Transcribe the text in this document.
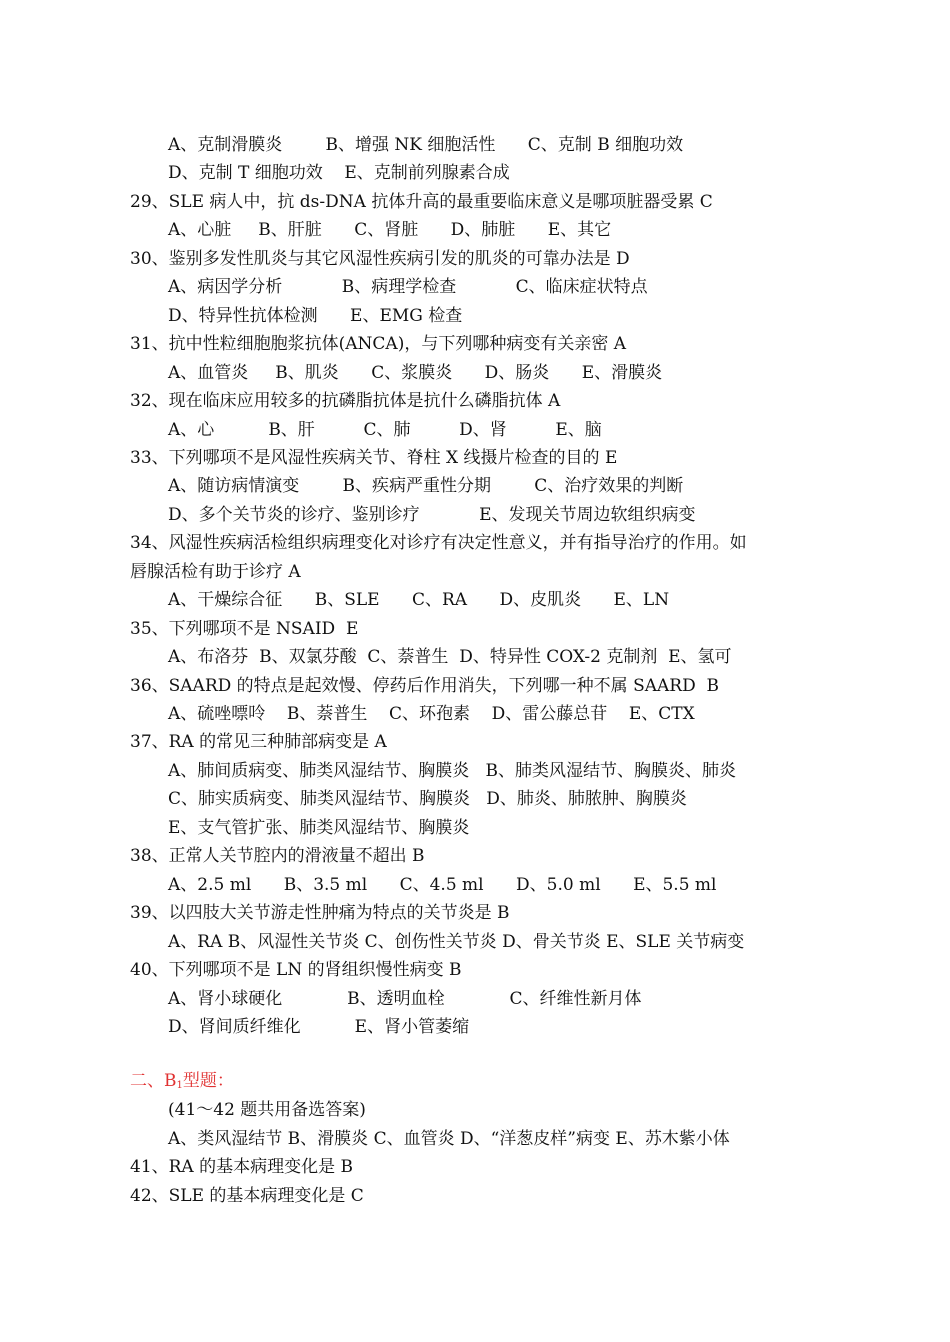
A、克制滑膜炎        B、增强 NK 细胞活性      C、克制 B 细胞功效
D、克制 T 细胞功效    E、克制前列腺素合成
29、SLE 病人中，抗 ds-DNA 抗体升高的最重要临床意义是哪项脏器受累 C
A、心脏     B、肝脏      C、肾脏      D、肺脏      E、其它
30、鉴别多发性肌炎与其它风湿性疾病引发的肌炎的可靠办法是 D
A、病因学分析           B、病理学检查           C、临床症状特点
D、特异性抗体检测      E、EMG 检查
31、抗中性粒细胞胞浆抗体(ANCA)，与下列哪种病变有关亲密 A
A、血管炎     B、肌炎      C、浆膜炎      D、肠炎      E、滑膜炎
32、现在临床应用较多的抗磷脂抗体是抗什么磷脂抗体 A
A、心          B、肝         C、肺         D、肾         E、脑
33、下列哪项不是风湿性疾病关节、脊柱 X 线摄片检查的目的 E
A、随访病情演变        B、疾病严重性分期        C、治疗效果的判断
D、多个关节炎的诊疗、鉴别诊疗           E、发现关节周边软组织病变
34、风湿性疾病活检组织病理变化对诊疗有决定性意义，并有指导治疗的作用。如
唇腺活检有助于诊疗 A
A、干燥综合征      B、SLE      C、RA      D、皮肌炎      E、LN
35、下列哪项不是 NSAID  E
A、布洛芬  B、双氯芬酸  C、萘普生  D、特异性 COX-2 克制剂  E、氢可
36、SAARD 的特点是起效慢、停药后作用消失，下列哪一种不属 SAARD  B
A、硫唑嘌呤    B、萘普生    C、环孢素    D、雷公藤总苷    E、CTX
37、RA 的常见三种肺部病变是 A
A、肺间质病变、肺类风湿结节、胸膜炎   B、肺类风湿结节、胸膜炎、肺炎
C、肺实质病变、肺类风湿结节、胸膜炎   D、肺炎、肺脓肿、胸膜炎
E、支气管扩张、肺类风湿结节、胸膜炎
38、正常人关节腔内的滑液量不超出 B
A、2.5 ml      B、3.5 ml      C、4.5 ml      D、5.0 ml      E、5.5 ml
39、以四肢大关节游走性肿痛为特点的关节炎是 B
A、RA B、风湿性关节炎 C、创伤性关节炎 D、骨关节炎 E、SLE 关节病变
40、下列哪项不是 LN 的肾组织慢性病变 B
A、肾小球硬化            B、透明血栓            C、纤维性新月体
D、肾间质纤维化          E、肾小管萎缩
二、$B_1$型题：
(41～42 题共用备选答案)
A、类风湿结节 B、滑膜炎 C、血管炎 D、“洋葱皮样”病变 E、苏木紫小体
41、RA 的基本病理变化是 B
42、SLE 的基本病理变化是 C
